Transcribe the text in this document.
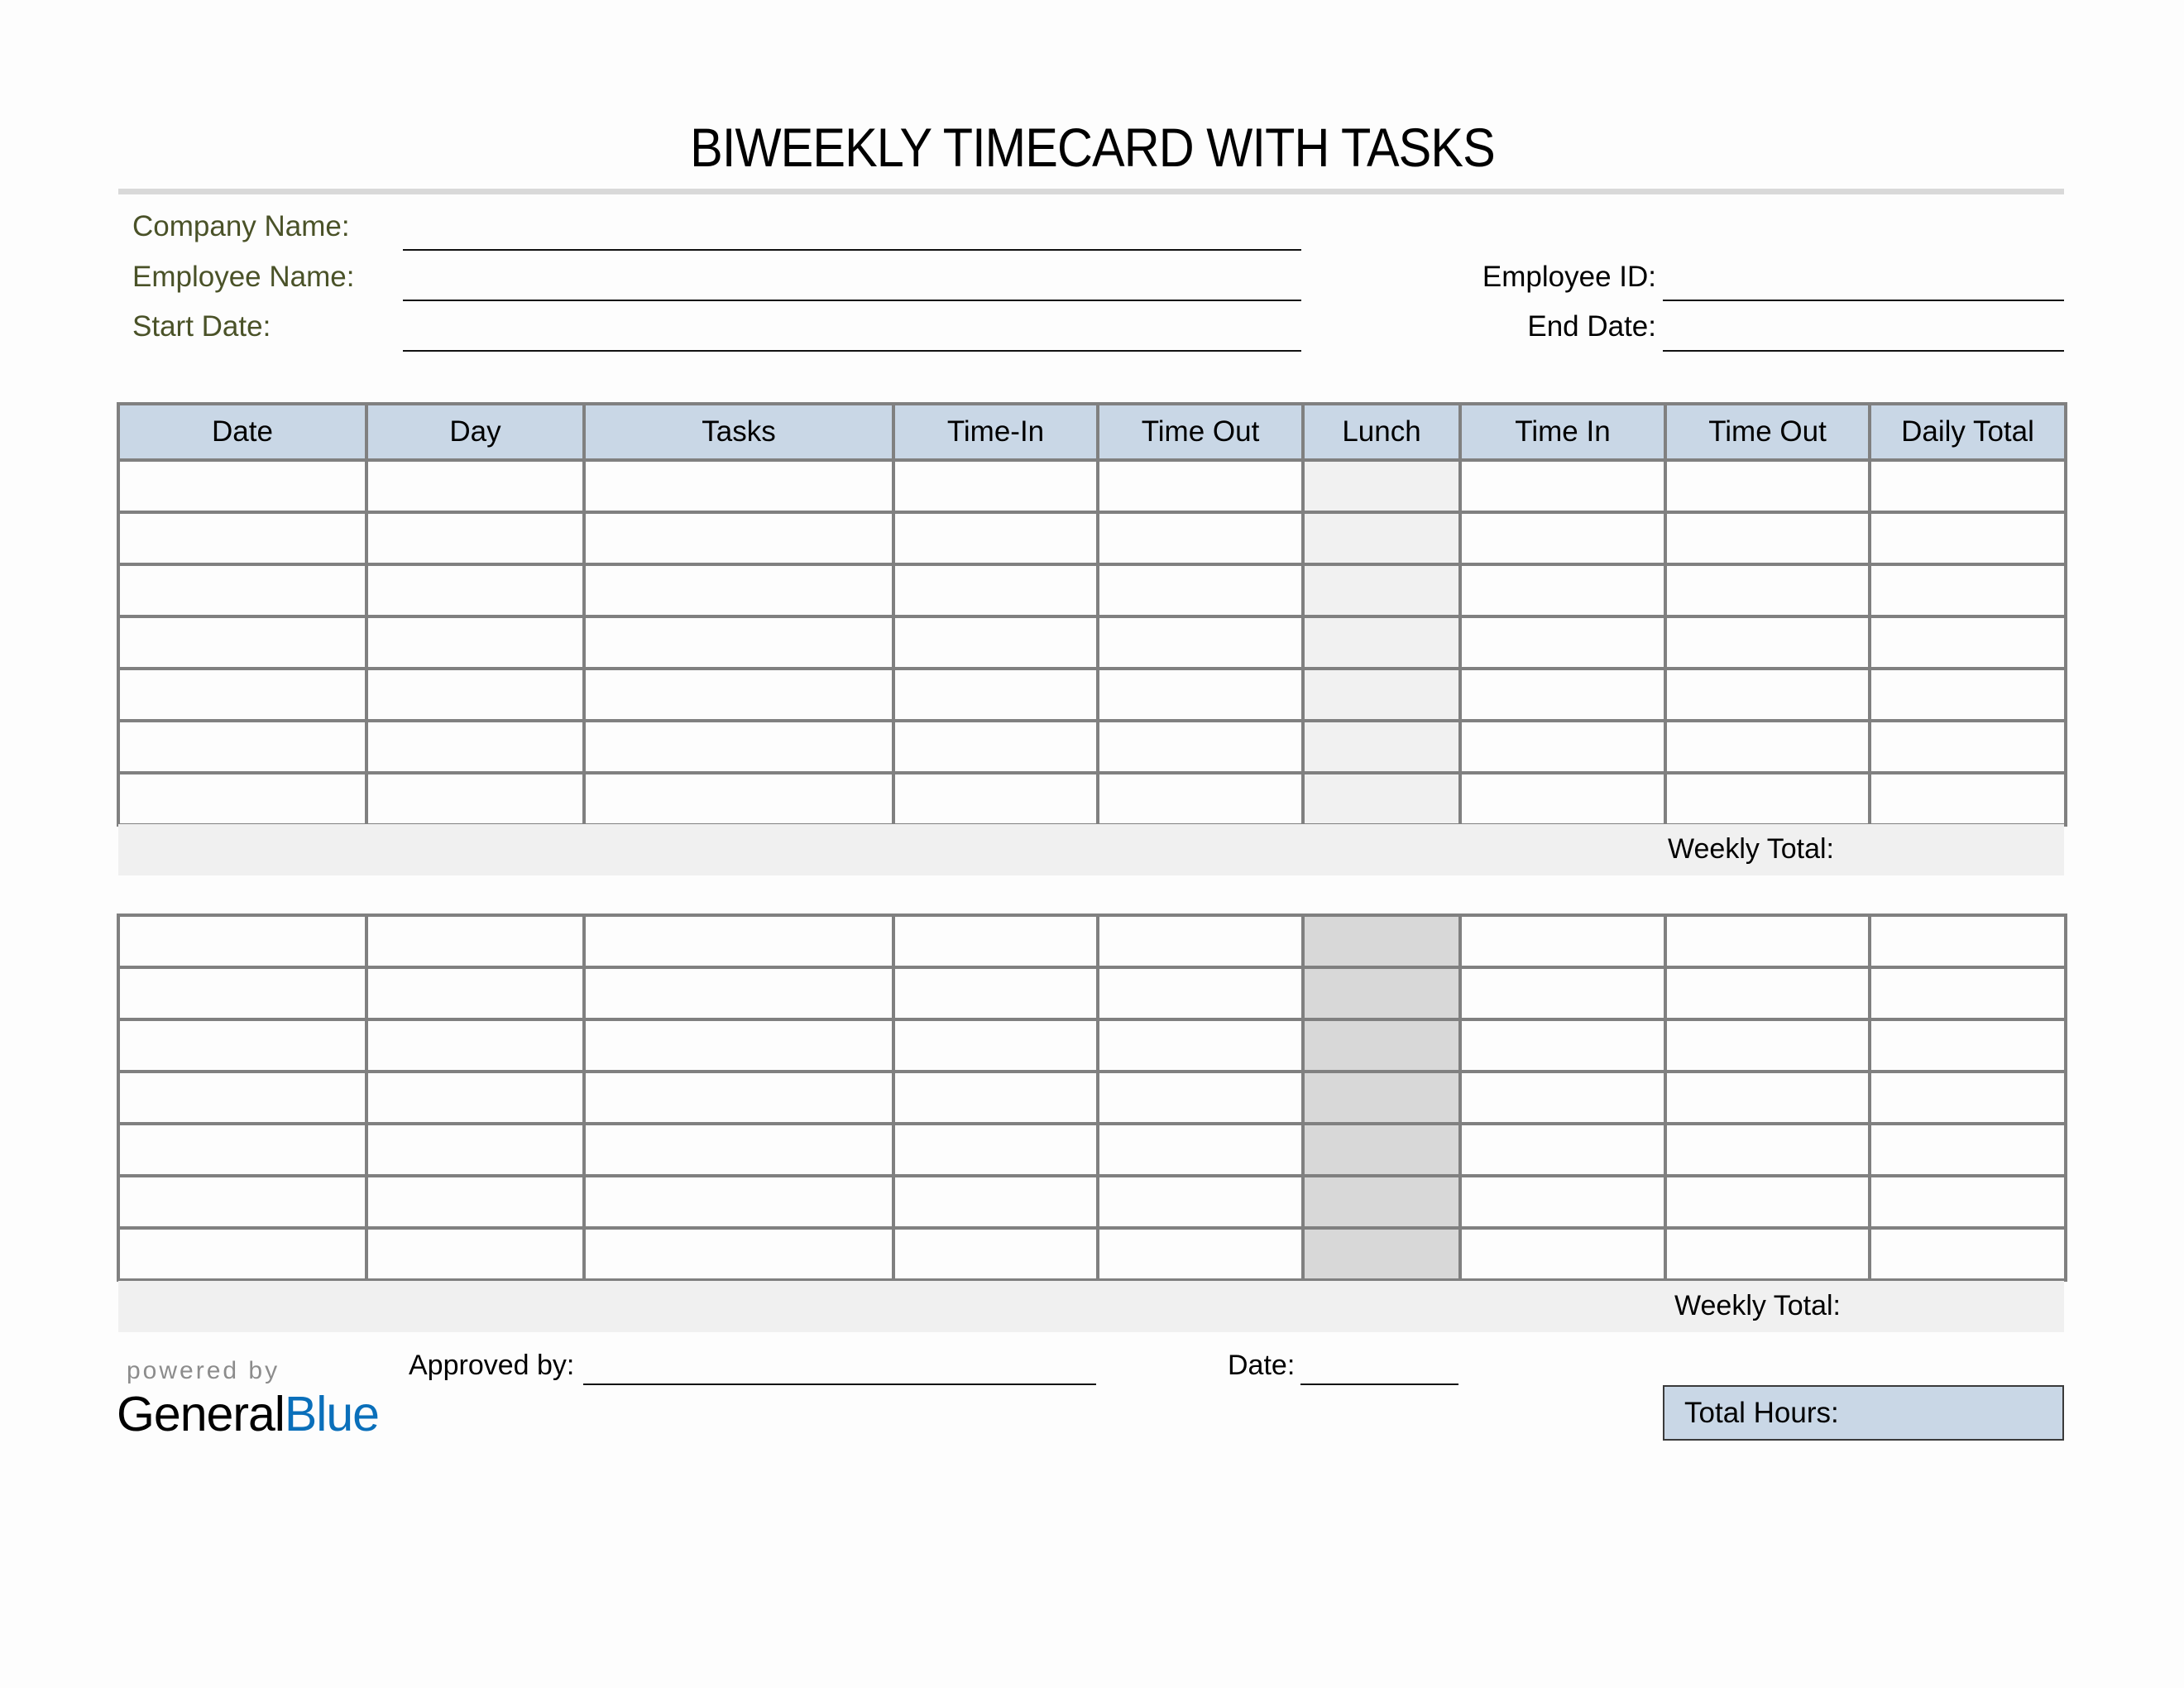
BIWEEKLY TIMECARD WITH TASKS
Company Name:
Employee Name:
Start Date:
Employee ID:
End Date:
Date	Day	Tasks	Time-In	Time Out	Lunch	Time In	Time Out	Daily Total

Weekly Total:

Weekly Total:
powered by
GeneralBlue
Approved by:	Date:
Total Hours:
